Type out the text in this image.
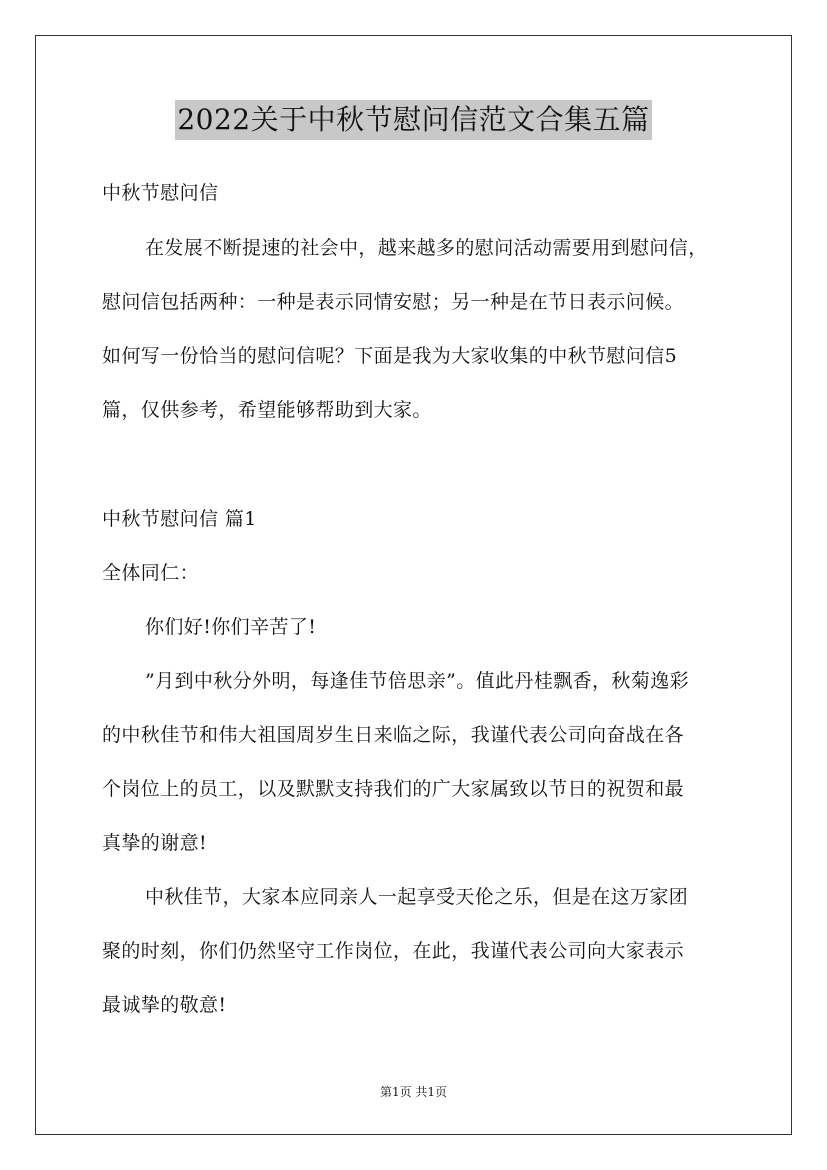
2022关于中秋节慰问信范文合集五篇
中秋节慰问信
在发展不断提速的社会中，越来越多的慰问活动需要用到慰问信，
慰问信包括两种：一种是表示同情安慰；另一种是在节日表示问候。
如何写一份恰当的慰问信呢？下面是我为大家收集的中秋节慰问信5
篇，仅供参考，希望能够帮助到大家。
中秋节慰问信 篇1
全体同仁：
你们好!你们辛苦了!
”月到中秋分外明，每逢佳节倍思亲”。值此丹桂飘香，秋菊逸彩
的中秋佳节和伟大祖国周岁生日来临之际，我谨代表公司向奋战在各
个岗位上的员工，以及默默支持我们的广大家属致以节日的祝贺和最
真挚的谢意!
中秋佳节，大家本应同亲人一起享受天伦之乐，但是在这万家团
聚的时刻，你们仍然坚守工作岗位，在此，我谨代表公司向大家表示
最诚挚的敬意!
第1页 共1页
